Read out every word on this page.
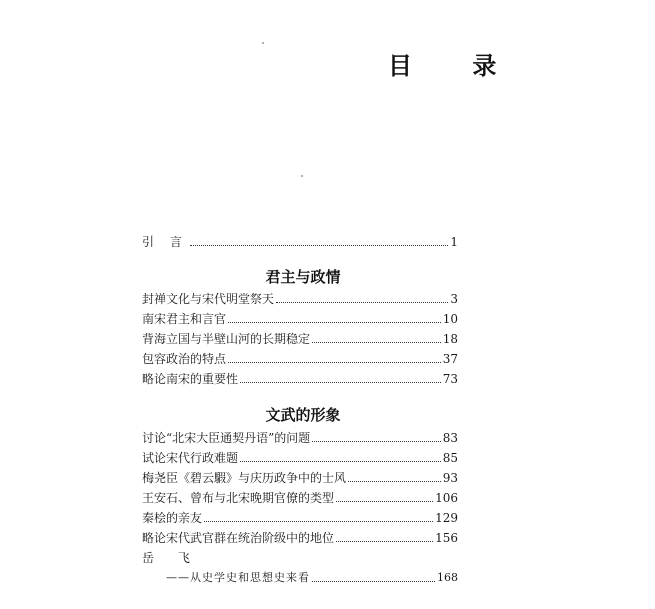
目 录
引 言	1
君主与政情
封禅文化与宋代明堂祭天	3
南宋君主和言官	10
背海立国与半壁山河的长期稳定	18
包容政治的特点	37
略论南宋的重要性	73
文武的形象
讨论“北宋大臣通契丹语”的问题	83
试论宋代行政难题	85
梅尧臣《碧云騢》与庆历政争中的士风	93
王安石、曾布与北宋晚期官僚的类型	106
秦桧的亲友	129
略论宋代武官群在统治阶级中的地位	156
岳 飞
——从史学史和思想史来看	168
